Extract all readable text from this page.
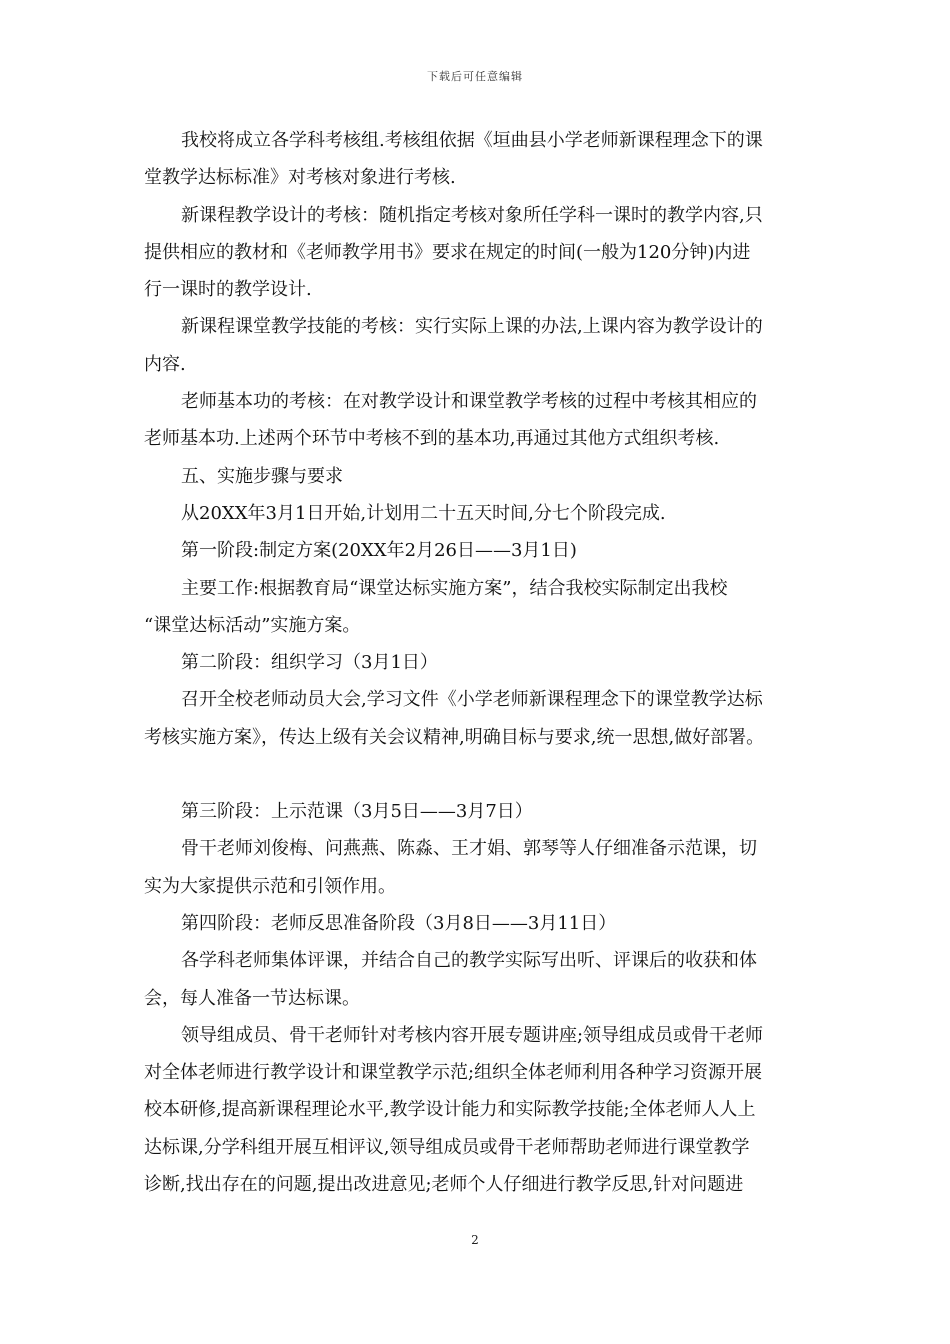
下载后可任意编辑
我校将成立各学科考核组.考核组依据《垣曲县小学老师新课程理念下的课
堂教学达标标准》对考核对象进行考核.
新课程教学设计的考核：随机指定考核对象所任学科一课时的教学内容,只
提供相应的教材和《老师教学用书》要求在规定的时间(一般为120分钟)内进
行一课时的教学设计.
新课程课堂教学技能的考核：实行实际上课的办法,上课内容为教学设计的
内容.
老师基本功的考核：在对教学设计和课堂教学考核的过程中考核其相应的
老师基本功.上述两个环节中考核不到的基本功,再通过其他方式组织考核.
五、实施步骤与要求
从20XX年3月1日开始,计划用二十五天时间,分七个阶段完成.
第一阶段:制定方案(20XX年2月26日——3月1日)
主要工作:根据教育局“课堂达标实施方案”，结合我校实际制定出我校
“课堂达标活动”实施方案。
第二阶段：组织学习（3月1日）
召开全校老师动员大会,学习文件《小学老师新课程理念下的课堂教学达标
考核实施方案》，传达上级有关会议精神,明确目标与要求,统一思想,做好部署。
第三阶段：上示范课（3月5日——3月7日）
骨干老师刘俊梅、问燕燕、陈淼、王才娟、郭琴等人仔细准备示范课，切
实为大家提供示范和引领作用。
第四阶段：老师反思准备阶段（3月8日——3月11日）
各学科老师集体评课，并结合自己的教学实际写出听、评课后的收获和体
会，每人准备一节达标课。
领导组成员、骨干老师针对考核内容开展专题讲座;领导组成员或骨干老师
对全体老师进行教学设计和课堂教学示范;组织全体老师利用各种学习资源开展
校本研修,提高新课程理论水平,教学设计能力和实际教学技能;全体老师人人上
达标课,分学科组开展互相评议,领导组成员或骨干老师帮助老师进行课堂教学
诊断,找出存在的问题,提出改进意见;老师个人仔细进行教学反思,针对问题进
2
